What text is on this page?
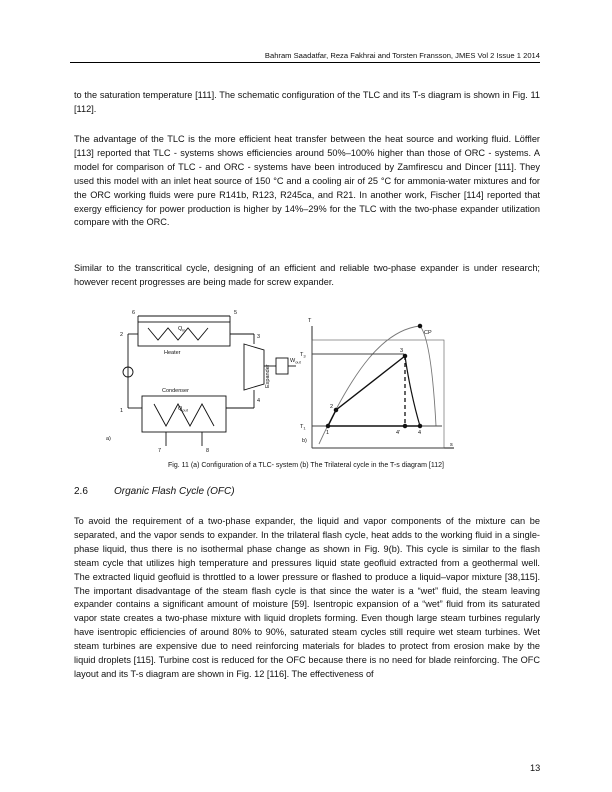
Bahram Saadatfar, Reza Fakhrai and Torsten Fransson, JMES Vol 2 Issue 1 2014
to the saturation temperature [111]. The schematic configuration of the TLC and its T-s diagram is shown in Fig. 11 [112].
The advantage of the TLC is the more efficient heat transfer between the heat source and working fluid. Löffler [113] reported that TLC - systems shows efficiencies around 50%–100% higher than those of ORC - systems. A model for comparison of TLC - and ORC - systems have been introduced by Zamfirescu and Dincer [111]. They used this model with an inlet heat source of 150 °C and a cooling air of 25 °C for ammonia-water mixtures and for the ORC working fluids were pure R141b, R123, R245ca, and R21. In another work, Fischer [114] reported that exergy efficiency for power production is higher by 14%–29% for the TLC with the two-phase expander utilization compare with the ORC.
Similar to the transcritical cycle, designing of an efficient and reliable two-phase expander is under research; however recent progresses are being made for screw expander.
Heater
Condenser
Expander
$Q_{in}$
$Q_{out}$
$W_{out}$
1
2	3
4
5
6
7	8
a)
T
s
$T_3$
$T_1$
CP
1
2
3
4'	4
b)
Fig. 11 (a) Configuration of a TLC- system (b) The Trilateral cycle in the T-s diagram [112]
2.6	Organic Flash Cycle (OFC)
To avoid the requirement of a two-phase expander, the liquid and vapor components of the mixture can be separated, and the vapor sends to expander. In the trilateral flash cycle, heat adds to the working fluid in a single-phase liquid, thus there is no isothermal phase change as shown in Fig. 9(b). This cycle is similar to the flash steam cycle that utilizes high temperature and pressures liquid state geofluid extracted from a geothermal well. The extracted liquid geofluid is throttled to a lower pressure or flashed to produce a liquid–vapor mixture [38,115]. The important disadvantage of the steam flash cycle is that since the water is a “wet” fluid, the steam leaving expander contains a significant amount of moisture [59]. Isentropic expansion of a “wet” fluid from its saturated vapor state creates a two-phase mixture with liquid droplets forming. Even though large steam turbines regularly have isentropic efficiencies of around 80% to 90%, saturated steam cycles still require wet steam turbines. Wet steam turbines are expensive due to need reinforcing materials for blades to protect from erosion make by the liquid droplets [115]. Turbine cost is reduced for the OFC because there is no need for blade reinforcing. The OFC layout and its T-s diagram are shown in Fig. 12 [116]. The effectiveness of
13
